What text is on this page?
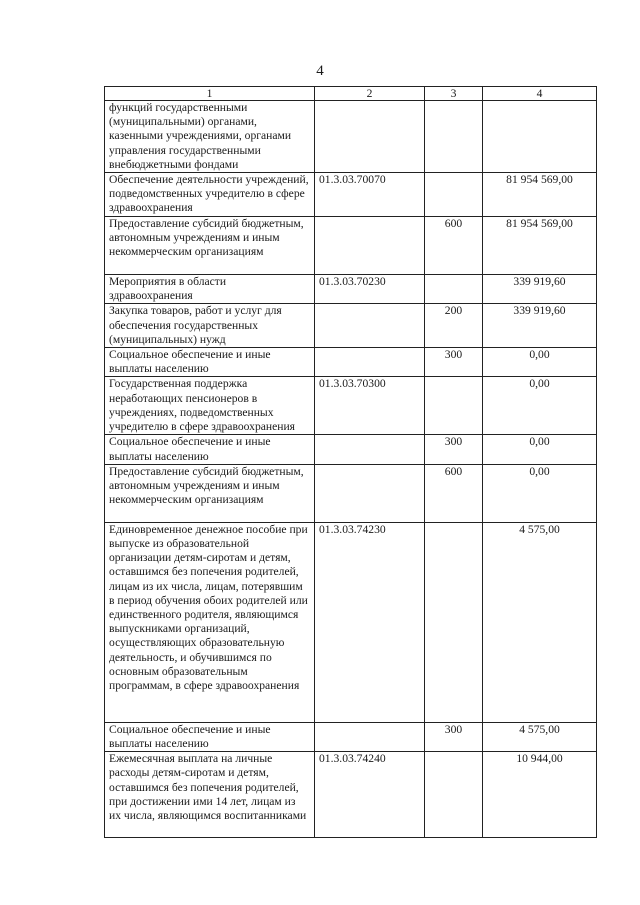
4
1	2	3	4
функций государственными (муниципальными) органами, казенными учреждениями, органами управления государственными внебюджетными фондами			
Обеспечение деятельности учреждений, подведомственных учредителю в сфере здравоохранения	01.3.03.70070		81 954 569,00
Предоставление субсидий бюджетным, автономным учреждениям и иным некоммерческим организациям		600	81 954 569,00
Мероприятия в области здравоохранения	01.3.03.70230		339 919,60
Закупка товаров, работ и услуг для обеспечения государственных (муниципальных) нужд		200	339 919,60
Социальное обеспечение и иные выплаты населению		300	0,00
Государственная поддержка неработающих пенсионеров в учреждениях, подведомственных учредителю в сфере здравоохранения	01.3.03.70300		0,00
Социальное обеспечение и иные выплаты населению		300	0,00
Предоставление субсидий бюджетным, автономным учреждениям и иным некоммерческим организациям		600	0,00
Единовременное денежное пособие при выпуске из образовательной организации детям-сиротам и детям, оставшимся без попечения родителей, лицам из их числа, лицам, потерявшим в период обучения обоих родителей или единственного родителя, являющимся выпускниками организаций, осуществляющих образовательную деятельность, и обучившимся по основным образовательным программам, в сфере здравоохранения	01.3.03.74230		4 575,00
Социальное обеспечение и иные выплаты населению		300	4 575,00
Ежемесячная выплата на личные расходы детям-сиротам и детям, оставшимся без попечения родителей, при достижении ими 14 лет, лицам из их числа, являющимся воспитанниками	01.3.03.74240		10 944,00
